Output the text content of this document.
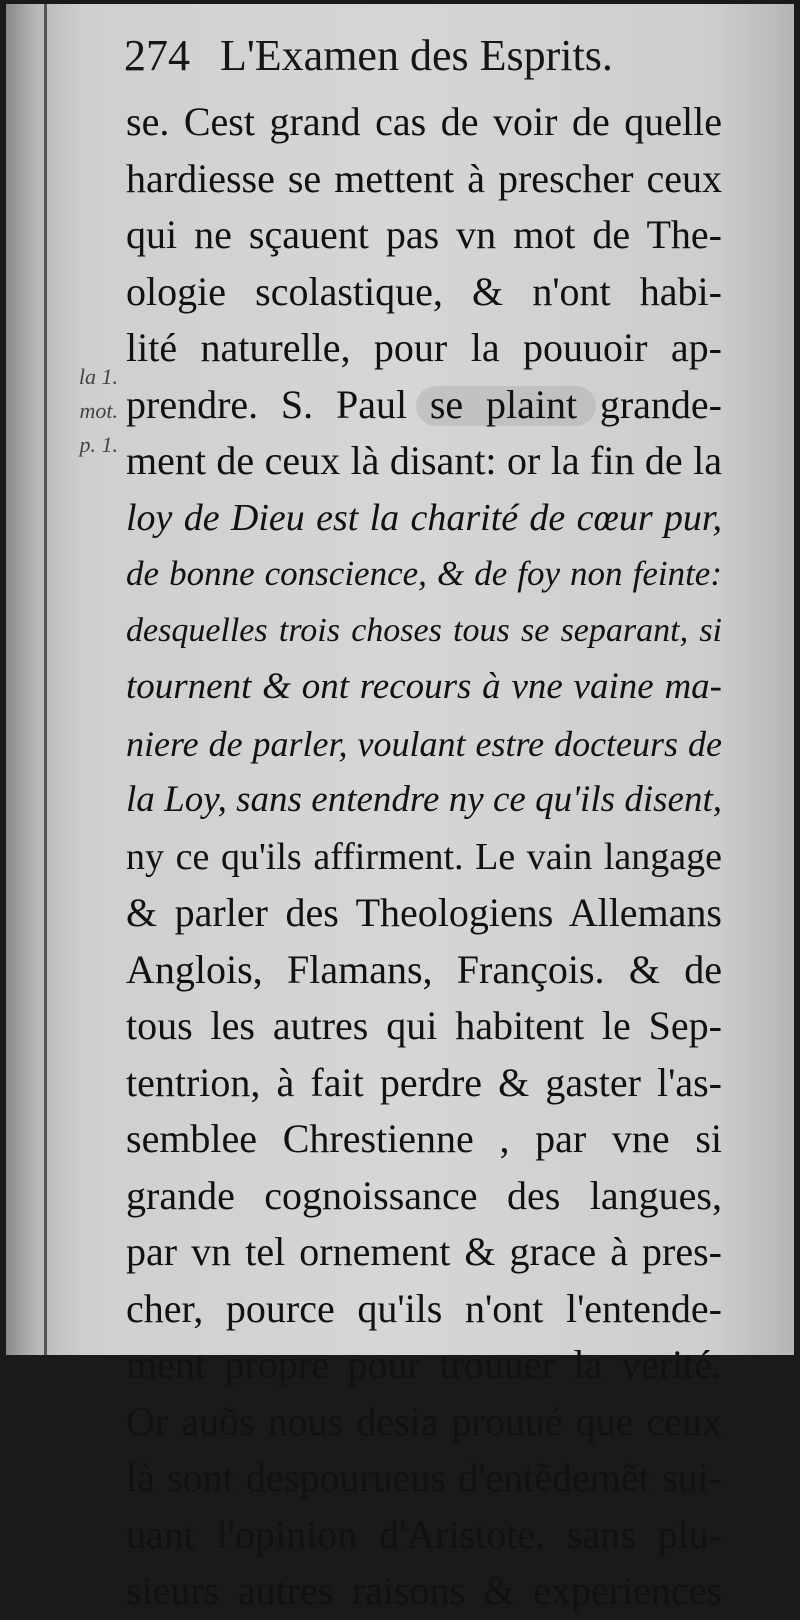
274 L'Examen des Esprits.
la 1.
mot.
p. 1.
se. Cest grand cas de voir de quelle
hardiesse se mettent à prescher ceux
qui ne sçauent pas vn mot de The-
ologie scolastique, & n'ont habi-
lité naturelle, pour la pouuoir ap-
prendre. S. Paul se plaint grande-
ment de ceux là disant: or la fin de la
loy de Dieu est la charité de cœur pur,
de bonne conscience, & de foy non feinte:
desquelles trois choses tous se separant, si
tournent & ont recours à vne vaine ma-
niere de parler, voulant estre docteurs de
la Loy, sans entendre ny ce qu'ils disent,
ny ce qu'ils affirment. Le vain langage
& parler des Theologiens Allemans
Anglois, Flamans, François. & de
tous les autres qui habitent le Sep-
tentrion, à fait perdre & gaster l'as-
semblee Chrestienne , par vne si
grande cognoissance des langues,
par vn tel ornement & grace à pres-
cher, pource qu'ils n'ont l'entende-
ment propre pour trouuer la verité.
Or auõs nous desia prouué que ceux
là sont despourueus d'entẽdemẽt sui-
uant l'opinion d'Aristote. sans plu-
sieurs autres raisons & experiences
